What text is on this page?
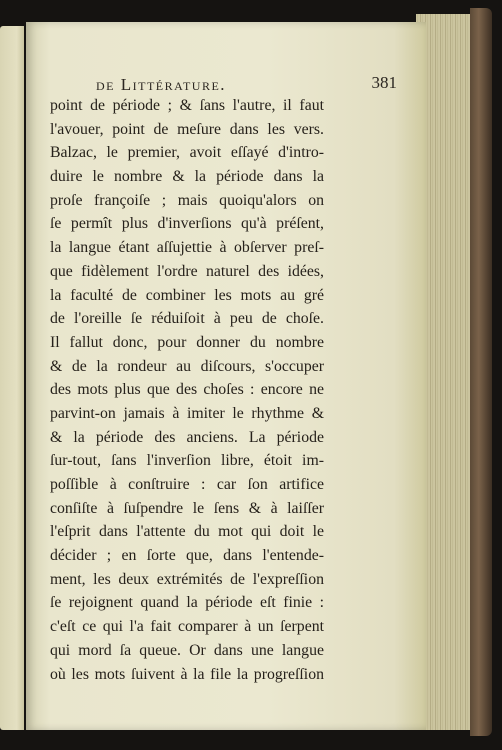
de Littérature.	381
point de période ; & ſans l'autre, il faut
l'avouer, point de meſure dans les vers.
Balzac, le premier, avoit eſſayé d'intro-
duire le nombre & la période dans la
proſe françoiſe ; mais quoiqu'alors on
ſe permît plus d'inverſions qu'à préſent,
la langue étant aſſujettie à obſerver preſ-
que fidèlement l'ordre naturel des idées,
la faculté de combiner les mots au gré
de l'oreille ſe réduiſoit à peu de choſe.
Il fallut donc, pour donner du nombre
& de la rondeur au diſcours, s'occuper
des mots plus que des choſes : encore ne
parvint-on jamais à imiter le rhythme &
& la période des anciens. La période
ſur-tout, ſans l'inverſion libre, étoit im-
poſſible à conſtruire : car ſon artifice
conſiſte à ſuſpendre le ſens & à laiſſer
l'eſprit dans l'attente du mot qui doit le
décider ; en ſorte que, dans l'entende-
ment, les deux extrémités de l'expreſſion
ſe rejoignent quand la période eſt finie :
c'eſt ce qui l'a fait comparer à un ſerpent
qui mord ſa queue. Or dans une langue
où les mots ſuivent à la file la progreſſion
